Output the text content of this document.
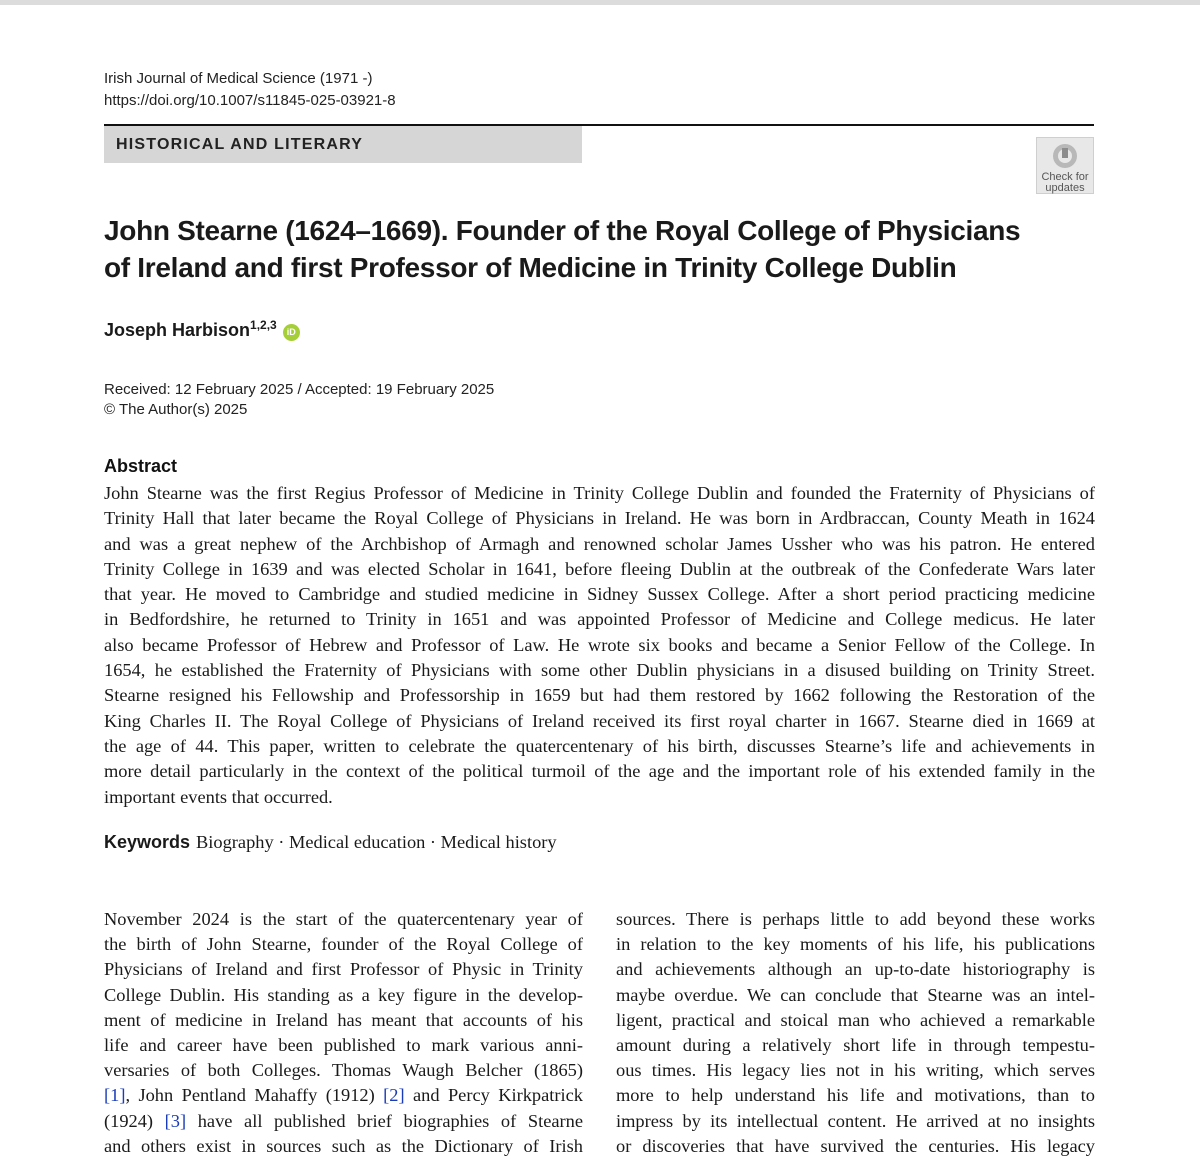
Irish Journal of Medical Science (1971 -)
https://doi.org/10.1007/s11845-025-03921-8
HISTORICAL AND LITERARY
Check for
updates
John Stearne (1624–1669). Founder of the Royal College of Physicians
of Ireland and first Professor of Medicine in Trinity College Dublin
Joseph Harbison$^{1,2,3}$ iD
Received: 12 February 2025 / Accepted: 19 February 2025
© The Author(s) 2025
Abstract
John Stearne was the first Regius Professor of Medicine in Trinity College Dublin and founded the Fraternity of Physicians of
Trinity Hall that later became the Royal College of Physicians in Ireland. He was born in Ardbraccan, County Meath in 1624
and was a great nephew of the Archbishop of Armagh and renowned scholar James Ussher who was his patron. He entered
Trinity College in 1639 and was elected Scholar in 1641, before fleeing Dublin at the outbreak of the Confederate Wars later
that year. He moved to Cambridge and studied medicine in Sidney Sussex College. After a short period practicing medicine
in Bedfordshire, he returned to Trinity in 1651 and was appointed Professor of Medicine and College medicus. He later
also became Professor of Hebrew and Professor of Law. He wrote six books and became a Senior Fellow of the College. In
1654, he established the Fraternity of Physicians with some other Dublin physicians in a disused building on Trinity Street.
Stearne resigned his Fellowship and Professorship in 1659 but had them restored by 1662 following the Restoration of the
King Charles II. The Royal College of Physicians of Ireland received its first royal charter in 1667. Stearne died in 1669 at
the age of 44. This paper, written to celebrate the quatercentenary of his birth, discusses Stearne’s life and achievements in
more detail particularly in the context of the political turmoil of the age and the important role of his extended family in the
important events that occurred.
Keywords Biography · Medical education · Medical history
November 2024 is the start of the quatercentenary year of
the birth of John Stearne, founder of the Royal College of
Physicians of Ireland and first Professor of Physic in Trinity
College Dublin. His standing as a key figure in the develop-
ment of medicine in Ireland has meant that accounts of his
life and career have been published to mark various anni-
versaries of both Colleges. Thomas Waugh Belcher (1865)
[1], John Pentland Mahaffy (1912) [2] and Percy Kirkpatrick
(1924) [3] have all published brief biographies of Stearne
and others exist in sources such as the Dictionary of Irish
sources. There is perhaps little to add beyond these works
in relation to the key moments of his life, his publications
and achievements although an up-to-date historiography is
maybe overdue. We can conclude that Stearne was an intel-
ligent, practical and stoical man who achieved a remarkable
amount during a relatively short life in through tempestu-
ous times. His legacy lies not in his writing, which serves
more to help understand his life and motivations, than to
impress by its intellectual content. He arrived at no insights
or discoveries that have survived the centuries. His legacy
